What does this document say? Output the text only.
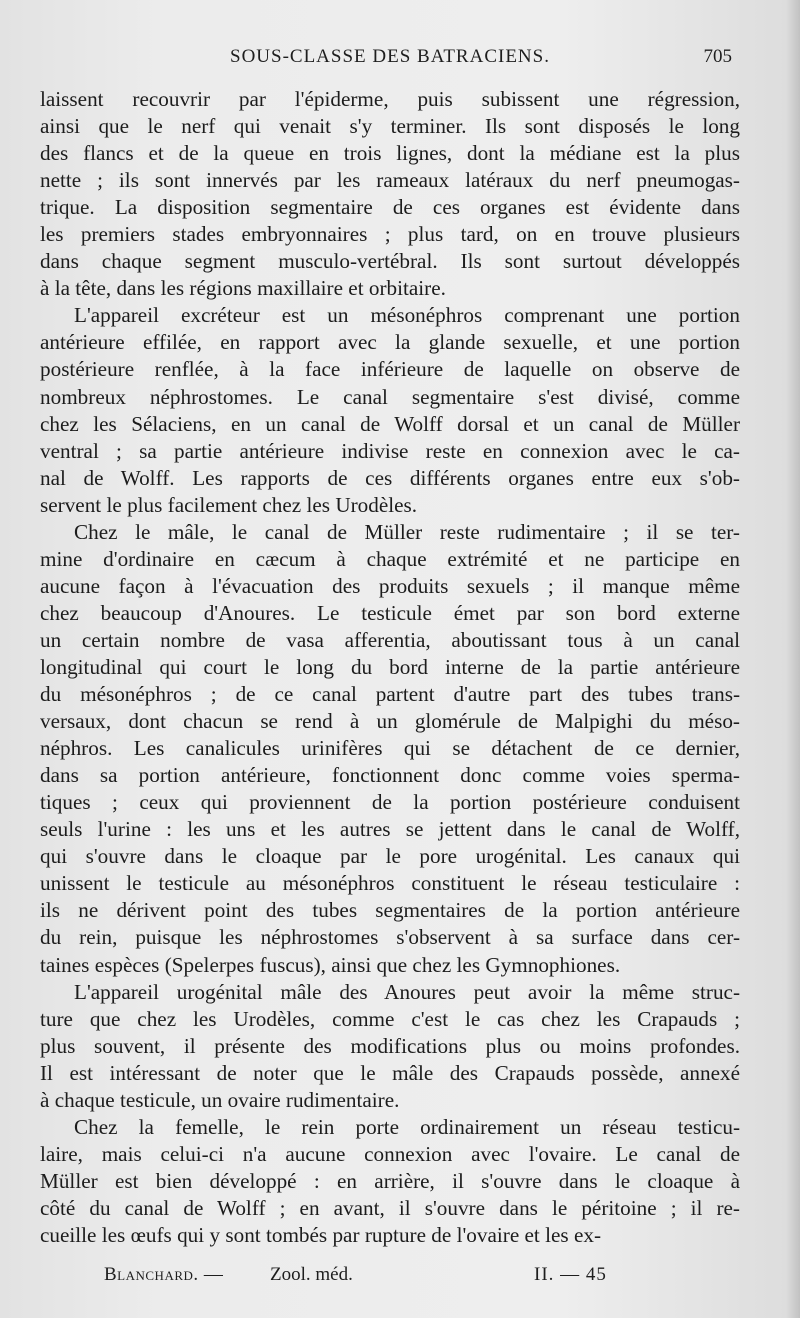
SOUS-CLASSE DES BATRACIENS.	705
laissent recouvrir par l'épiderme, puis subissent une régression,
ainsi que le nerf qui venait s'y terminer. Ils sont disposés le long
des flancs et de la queue en trois lignes, dont la médiane est la plus
nette ; ils sont innervés par les rameaux latéraux du nerf pneumogas-
trique. La disposition segmentaire de ces organes est évidente dans
les premiers stades embryonnaires ; plus tard, on en trouve plusieurs
dans chaque segment musculo-vertébral. Ils sont surtout développés
à la tête, dans les régions maxillaire et orbitaire.
L'appareil excréteur est un mésonéphros comprenant une portion
antérieure effilée, en rapport avec la glande sexuelle, et une portion
postérieure renflée, à la face inférieure de laquelle on observe de
nombreux néphrostomes. Le canal segmentaire s'est divisé, comme
chez les Sélaciens, en un canal de Wolff dorsal et un canal de Müller
ventral ; sa partie antérieure indivise reste en connexion avec le ca-
nal de Wolff. Les rapports de ces différents organes entre eux s'ob-
servent le plus facilement chez les Urodèles.
Chez le mâle, le canal de Müller reste rudimentaire ; il se ter-
mine d'ordinaire en cæcum à chaque extrémité et ne participe en
aucune façon à l'évacuation des produits sexuels ; il manque même
chez beaucoup d'Anoures. Le testicule émet par son bord externe
un certain nombre de vasa afferentia, aboutissant tous à un canal
longitudinal qui court le long du bord interne de la partie antérieure
du mésonéphros ; de ce canal partent d'autre part des tubes trans-
versaux, dont chacun se rend à un glomérule de Malpighi du méso-
néphros. Les canalicules urinifères qui se détachent de ce dernier,
dans sa portion antérieure, fonctionnent donc comme voies sperma-
tiques ; ceux qui proviennent de la portion postérieure conduisent
seuls l'urine : les uns et les autres se jettent dans le canal de Wolff,
qui s'ouvre dans le cloaque par le pore urogénital. Les canaux qui
unissent le testicule au mésonéphros constituent le réseau testiculaire :
ils ne dérivent point des tubes segmentaires de la portion antérieure
du rein, puisque les néphrostomes s'observent à sa surface dans cer-
taines espèces (Spelerpes fuscus), ainsi que chez les Gymnophiones.
L'appareil urogénital mâle des Anoures peut avoir la même struc-
ture que chez les Urodèles, comme c'est le cas chez les Crapauds ;
plus souvent, il présente des modifications plus ou moins profondes.
Il est intéressant de noter que le mâle des Crapauds possède, annexé
à chaque testicule, un ovaire rudimentaire.
Chez la femelle, le rein porte ordinairement un réseau testicu-
laire, mais celui-ci n'a aucune connexion avec l'ovaire. Le canal de
Müller est bien développé : en arrière, il s'ouvre dans le cloaque à
côté du canal de Wolff ; en avant, il s'ouvre dans le péritoine ; il re-
cueille les œufs qui y sont tombés par rupture de l'ovaire et les ex-
Blanchard. — Zool. méd.	II. — 45
